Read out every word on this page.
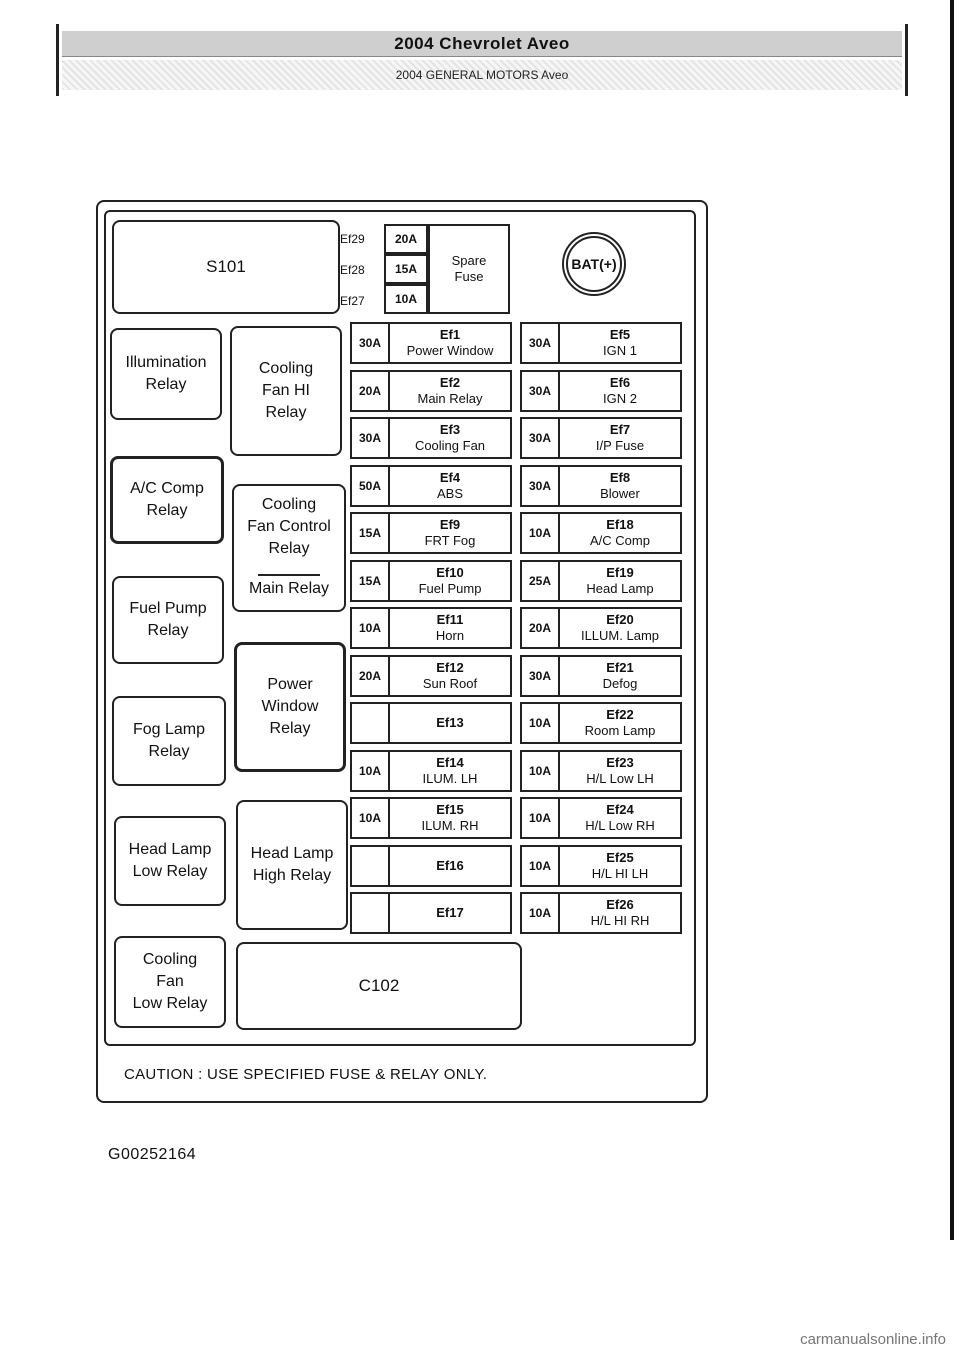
2004 Chevrolet Aveo
2004 GENERAL MOTORS Aveo
S101
Ef29
Ef28
Ef27
20A
15A
10A
Spare
Fuse
BAT(+)
Illumination
Relay
A/C Comp
Relay
Fuel Pump
Relay
Fog Lamp
Relay
Head Lamp
Low Relay
Cooling
Fan
Low Relay
Cooling
Fan HI
Relay
Cooling
Fan Control
Relay
Main Relay
Power
Window
Relay
Head Lamp
High Relay
C102
30A
Ef1
Power Window
20A
Ef2
Main Relay
30A
Ef3
Cooling Fan
50A
Ef4
ABS
15A
Ef9
FRT Fog
15A
Ef10
Fuel Pump
10A
Ef11
Horn
20A
Ef12
Sun Roof
Ef13
10A
Ef14
ILUM. LH
10A
Ef15
ILUM. RH
Ef16
Ef17
30A
Ef5
IGN 1
30A
Ef6
IGN 2
30A
Ef7
I/P Fuse
30A
Ef8
Blower
10A
Ef18
A/C Comp
25A
Ef19
Head Lamp
20A
Ef20
ILLUM. Lamp
30A
Ef21
Defog
10A
Ef22
Room Lamp
10A
Ef23
H/L Low LH
10A
Ef24
H/L Low RH
10A
Ef25
H/L HI LH
10A
Ef26
H/L HI RH
CAUTION : USE SPECIFIED FUSE & RELAY ONLY.
G00252164
carmanualsonline.info
